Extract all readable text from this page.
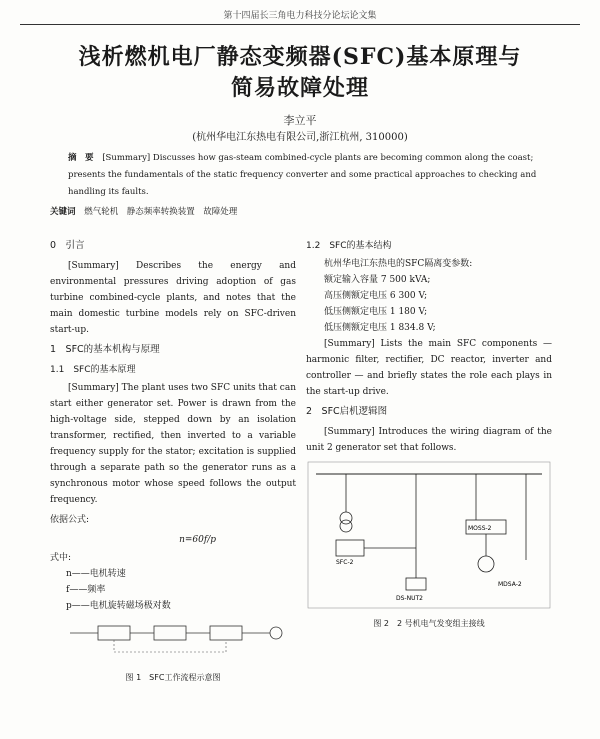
第十四届长三角电力科技分论坛论文集
浅析燃机电厂静态变频器(SFC)基本原理与
简易故障处理
李立平
(杭州华电江东热电有限公司,浙江杭州, 310000)
摘　要 [Summary] Discusses how gas-steam combined-cycle plants are becoming common along the coast; presents the fundamentals of the static frequency converter and some practical approaches to checking and handling its faults.
关键词 燃气轮机　静态频率转换装置　故障处理
0　引言

[Summary] Describes the energy and environmental pressures driving adoption of gas turbine combined-cycle plants, and notes that the main domestic turbine models rely on SFC-driven start-up.

1　SFC的基本机构与原理
1.1　SFC的基本原理

[Summary] The plant uses two SFC units that can start either generator set. Power is drawn from the high-voltage side, stepped down by an isolation transformer, rectified, then inverted to a variable frequency supply for the stator; excitation is supplied through a separate path so the generator runs as a synchronous motor whose speed follows the output frequency.

依据公式:
n=60f/p
式中:
n——电机转速
f——频率
p——电机旋转磁场极对数
图 1　SFC工作流程示意图
1.2　SFC的基本结构
杭州华电江东热电的SFC隔离变参数:
额定输入容量 7 500 kVA;
高压侧额定电压 6 300 V;
低压侧额定电压 1 180 V;
低压侧额定电压 1 834.8 V;

[Summary] Lists the main SFC components — harmonic filter, rectifier, DC reactor, inverter and controller — and briefly states the role each plays in the start-up drive.

2　SFC启机逻辑图

[Summary] Introduces the wiring diagram of the unit 2 generator set that follows.

SFC-2
DS-NUT2
MOSS-2
MDSA-2
图 2　2 号机电气发变组主接线
